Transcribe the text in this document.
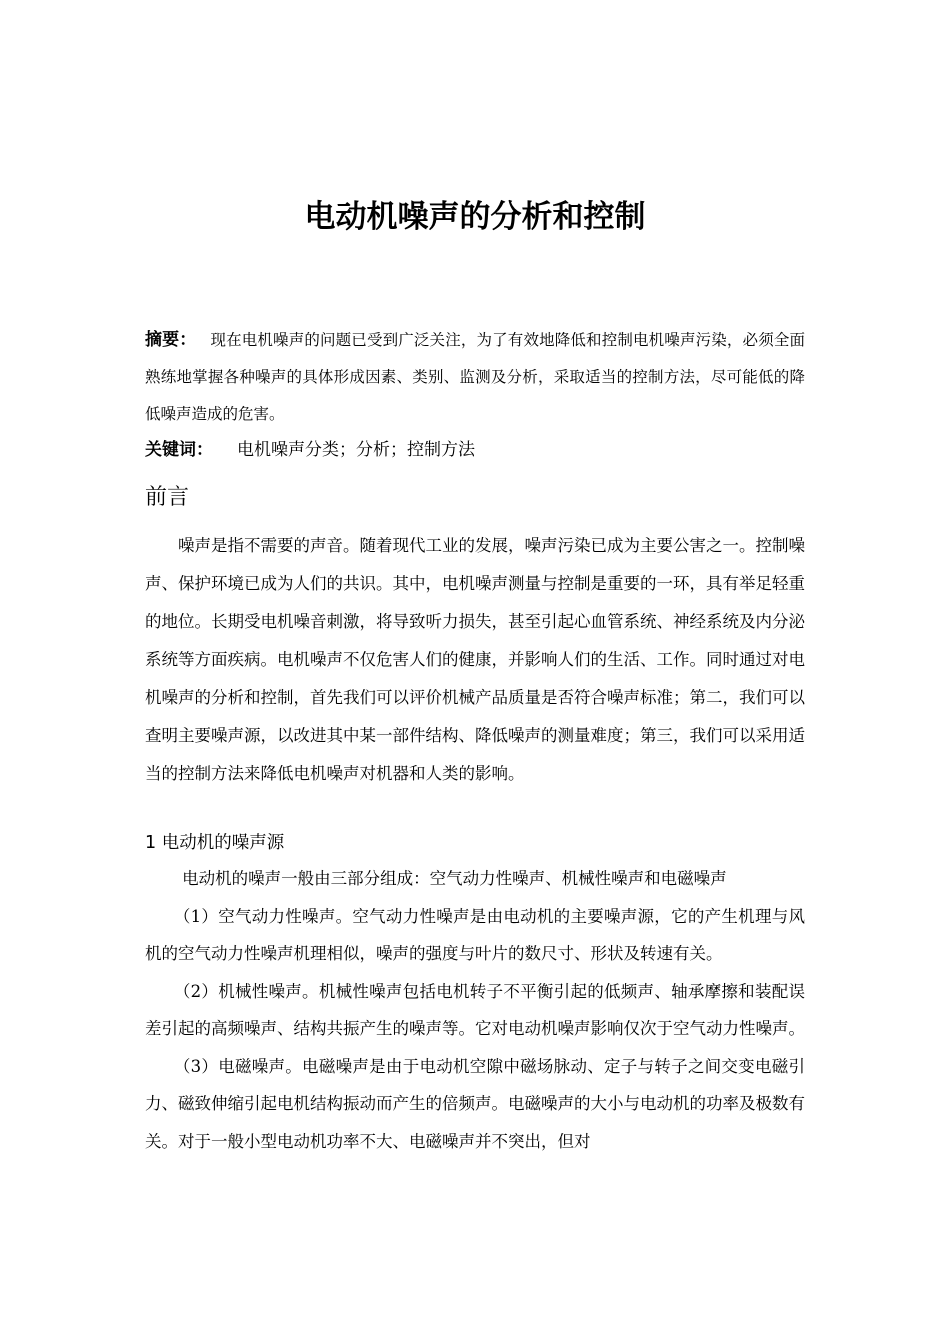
电动机噪声的分析和控制

摘要： 现在电机噪声的问题已受到广泛关注，为了有效地降低和控制电机噪声污染，必须全面熟练地掌握各种噪声的具体形成因素、类别、监测及分析，采取适当的控制方法，尽可能低的降低噪声造成的危害。

关键词： 电机噪声分类；分析；控制方法

前言

噪声是指不需要的声音。随着现代工业的发展，噪声污染已成为主要公害之一。控制噪声、保护环境已成为人们的共识。其中，电机噪声测量与控制是重要的一环，具有举足轻重的地位。长期受电机噪音刺激，将导致听力损失，甚至引起心血管系统、神经系统及内分泌系统等方面疾病。电机噪声不仅危害人们的健康，并影响人们的生活、工作。同时通过对电机噪声的分析和控制，首先我们可以评价机械产品质量是否符合噪声标准；第二，我们可以查明主要噪声源，以改进其中某一部件结构、降低噪声的测量难度；第三，我们可以采用适当的控制方法来降低电机噪声对机器和人类的影响。

1 电动机的噪声源

电动机的噪声一般由三部分组成：空气动力性噪声、机械性噪声和电磁噪声

（1）空气动力性噪声。空气动力性噪声是由电动机的主要噪声源，它的产生机理与风机的空气动力性噪声机理相似，噪声的强度与叶片的数尺寸、形状及转速有关。

（2）机械性噪声。机械性噪声包括电机转子不平衡引起的低频声、轴承摩擦和装配误差引起的高频噪声、结构共振产生的噪声等。它对电动机噪声影响仅次于空气动力性噪声。

（3）电磁噪声。电磁噪声是由于电动机空隙中磁场脉动、定子与转子之间交变电磁引力、磁致伸缩引起电机结构振动而产生的倍频声。电磁噪声的大小与电动机的功率及极数有关。对于一般小型电动机功率不大、电磁噪声并不突出，但对
